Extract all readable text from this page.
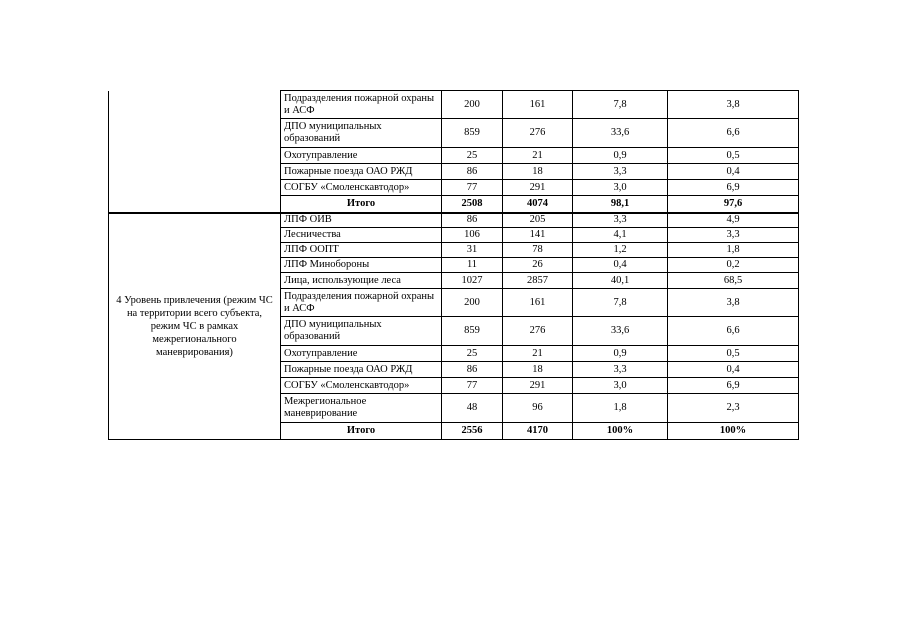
	Подразделения пожарной охраны и АСФ	200	161	7,8	3,8
	ДПО муниципальных образований	859	276	33,6	6,6
	Охотуправление	25	21	0,9	0,5
	Пожарные поезда ОАО РЖД	86	18	3,3	0,4
	СОГБУ «Смоленскавтодор»	77	291	3,0	6,9
	Итого	2508	4074	98,1	97,6
4 Уровень привлечения (режим ЧС на территории всего субъекта, режим ЧС в рамках межрегионального маневрирования)	ЛПФ ОИВ	86	205	3,3	4,9
	Лесничества	106	141	4,1	3,3
	ЛПФ ООПТ	31	78	1,2	1,8
	ЛПФ Минобороны	11	26	0,4	0,2
	Лица, использующие леса	1027	2857	40,1	68,5
	Подразделения пожарной охраны и АСФ	200	161	7,8	3,8
	ДПО муниципальных образований	859	276	33,6	6,6
	Охотуправление	25	21	0,9	0,5
	Пожарные поезда ОАО РЖД	86	18	3,3	0,4
	СОГБУ «Смоленскавтодор»	77	291	3,0	6,9
	Межрегиональное маневрирование	48	96	1,8	2,3
	Итого	2556	4170	100%	100%
